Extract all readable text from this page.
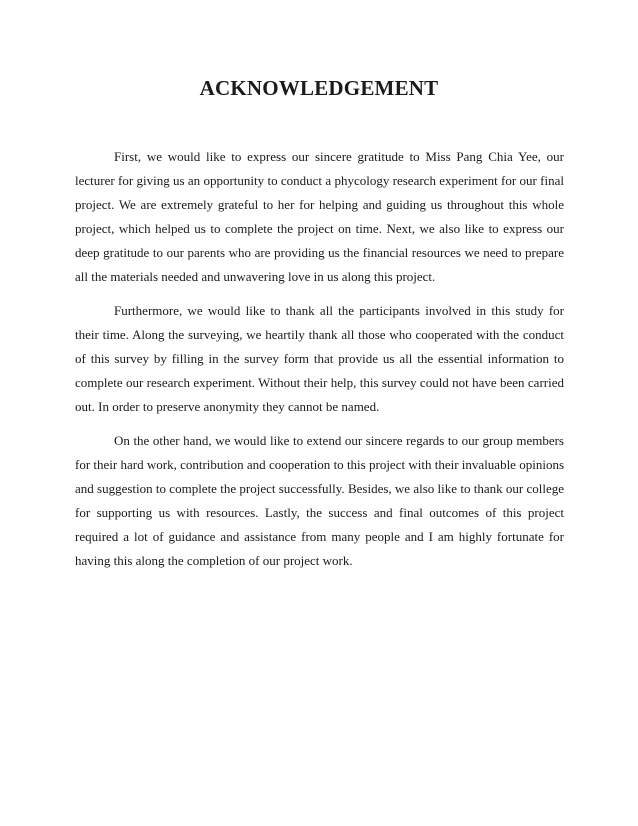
ACKNOWLEDGEMENT

First, we would like to express our sincere gratitude to Miss Pang Chia Yee, our lecturer for giving us an opportunity to conduct a phycology research experiment for our final project. We are extremely grateful to her for helping and guiding us throughout this whole project, which helped us to complete the project on time. Next, we also like to express our deep gratitude to our parents who are providing us the financial resources we need to prepare all the materials needed and unwavering love in us along this project.

Furthermore, we would like to thank all the participants involved in this study for their time. Along the surveying, we heartily thank all those who cooperated with the conduct of this survey by filling in the survey form that provide us all the essential information to complete our research experiment. Without their help, this survey could not have been carried out. In order to preserve anonymity they cannot be named.

On the other hand, we would like to extend our sincere regards to our group members for their hard work, contribution and cooperation to this project with their invaluable opinions and suggestion to complete the project successfully. Besides, we also like to thank our college for supporting us with resources. Lastly, the success and final outcomes of this project required a lot of guidance and assistance from many people and I am highly fortunate for having this along the completion of our project work.
